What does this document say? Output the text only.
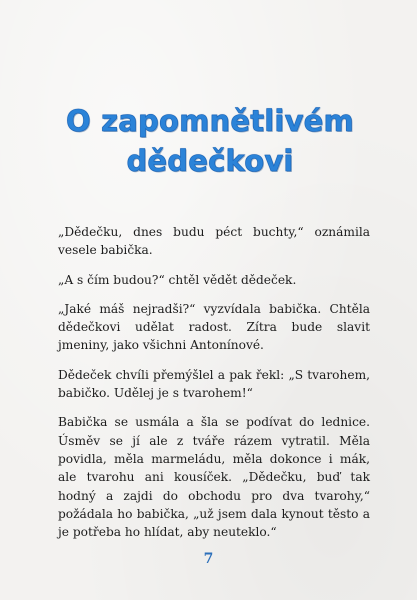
O zapomnětlivém
dědečkovi

„Dědečku, dnes budu péct buchty,“ oznámila vesele babička.

„A s čím budou?“ chtěl vědět dědeček.

„Jaké máš nejradši?“ vyzvídala babička. Chtěla dědečkovi udělat radost. Zítra bude slavit jmeniny, jako všichni Antonínové.

Dědeček chvíli přemýšlel a pak řekl: „S tvarohem, babičko. Udělej je s tvarohem!“

Babička se usmála a šla se podívat do lednice. Úsměv se jí ale z tváře rázem vytratil. Měla povidla, měla marmeládu, měla dokonce i mák, ale tvarohu ani kousíček. „Dědečku, buď tak hodný a zajdi do obchodu pro dva tvarohy,“ požádala ho babička, „už jsem dala kynout těsto a je potřeba ho hlídat, aby neuteklo.“

7
